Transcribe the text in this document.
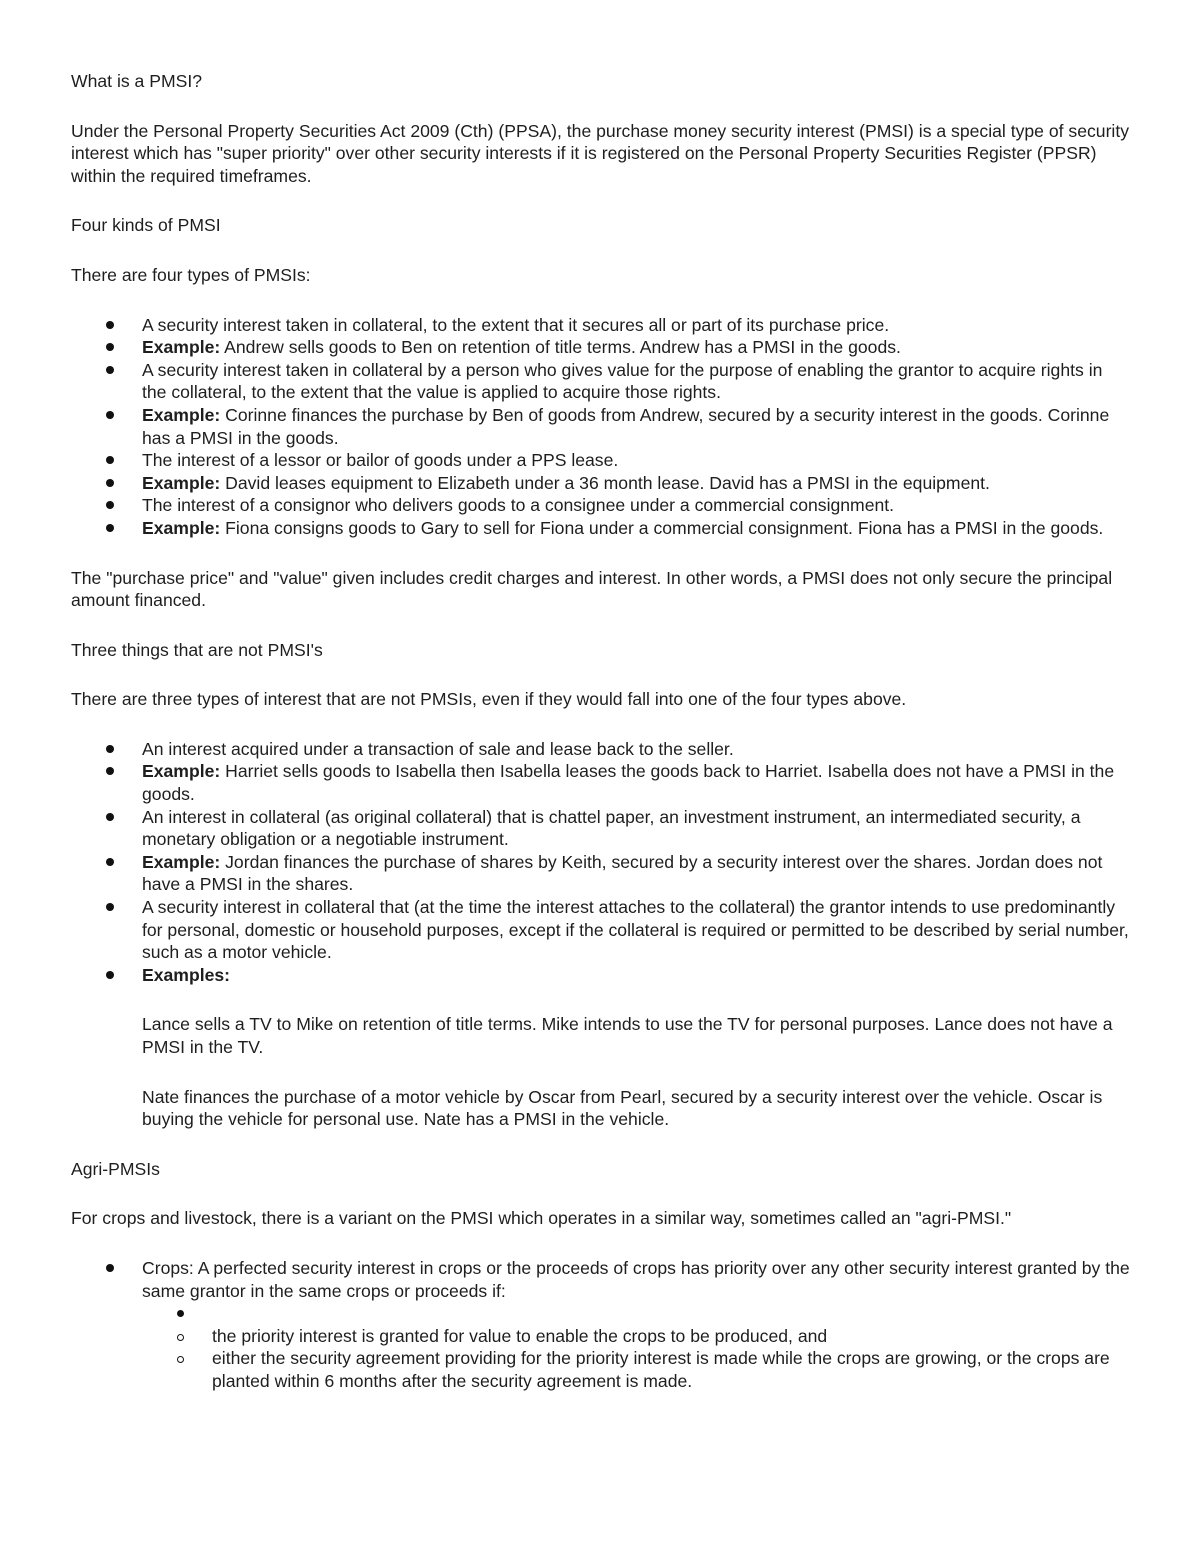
What is a PMSI?

Under the Personal Property Securities Act 2009 (Cth) (PPSA), the purchase money security interest (PMSI) is a special type of security interest which has "super priority" over other security interests if it is registered on the Personal Property Securities Register (PPSR) within the required timeframes.

Four kinds of PMSI

There are four types of PMSIs:

A security interest taken in collateral, to the extent that it secures all or part of its purchase price.
Example: Andrew sells goods to Ben on retention of title terms. Andrew has a PMSI in the goods.
A security interest taken in collateral by a person who gives value for the purpose of enabling the grantor to acquire rights in the collateral, to the extent that the value is applied to acquire those rights.
Example: Corinne finances the purchase by Ben of goods from Andrew, secured by a security interest in the goods. Corinne has a PMSI in the goods.
The interest of a lessor or bailor of goods under a PPS lease.
Example: David leases equipment to Elizabeth under a 36 month lease. David has a PMSI in the equipment.
The interest of a consignor who delivers goods to a consignee under a commercial consignment.
Example: Fiona consigns goods to Gary to sell for Fiona under a commercial consignment. Fiona has a PMSI in the goods.

The "purchase price" and "value" given includes credit charges and interest. In other words, a PMSI does not only secure the principal amount financed.

Three things that are not PMSI's

There are three types of interest that are not PMSIs, even if they would fall into one of the four types above.

An interest acquired under a transaction of sale and lease back to the seller.
Example: Harriet sells goods to Isabella then Isabella leases the goods back to Harriet. Isabella does not have a PMSI in the goods.
An interest in collateral (as original collateral) that is chattel paper, an investment instrument, an intermediated security, a monetary obligation or a negotiable instrument.
Example: Jordan finances the purchase of shares by Keith, secured by a security interest over the shares. Jordan does not have a PMSI in the shares.
A security interest in collateral that (at the time the interest attaches to the collateral) the grantor intends to use predominantly for personal, domestic or household purposes, except if the collateral is required or permitted to be described by serial number, such as a motor vehicle.
Examples:

Lance sells a TV to Mike on retention of title terms. Mike intends to use the TV for personal purposes. Lance does not have a PMSI in the TV.

Nate finances the purchase of a motor vehicle by Oscar from Pearl, secured by a security interest over the vehicle. Oscar is buying the vehicle for personal use. Nate has a PMSI in the vehicle.

Agri-PMSIs

For crops and livestock, there is a variant on the PMSI which operates in a similar way, sometimes called an "agri-PMSI."

Crops: A perfected security interest in crops or the proceeds of crops has priority over any other security interest granted by the same grantor in the same crops or proceeds if:
the priority interest is granted for value to enable the crops to be produced, and
either the security agreement providing for the priority interest is made while the crops are growing, or the crops are planted within 6 months after the security agreement is made.
